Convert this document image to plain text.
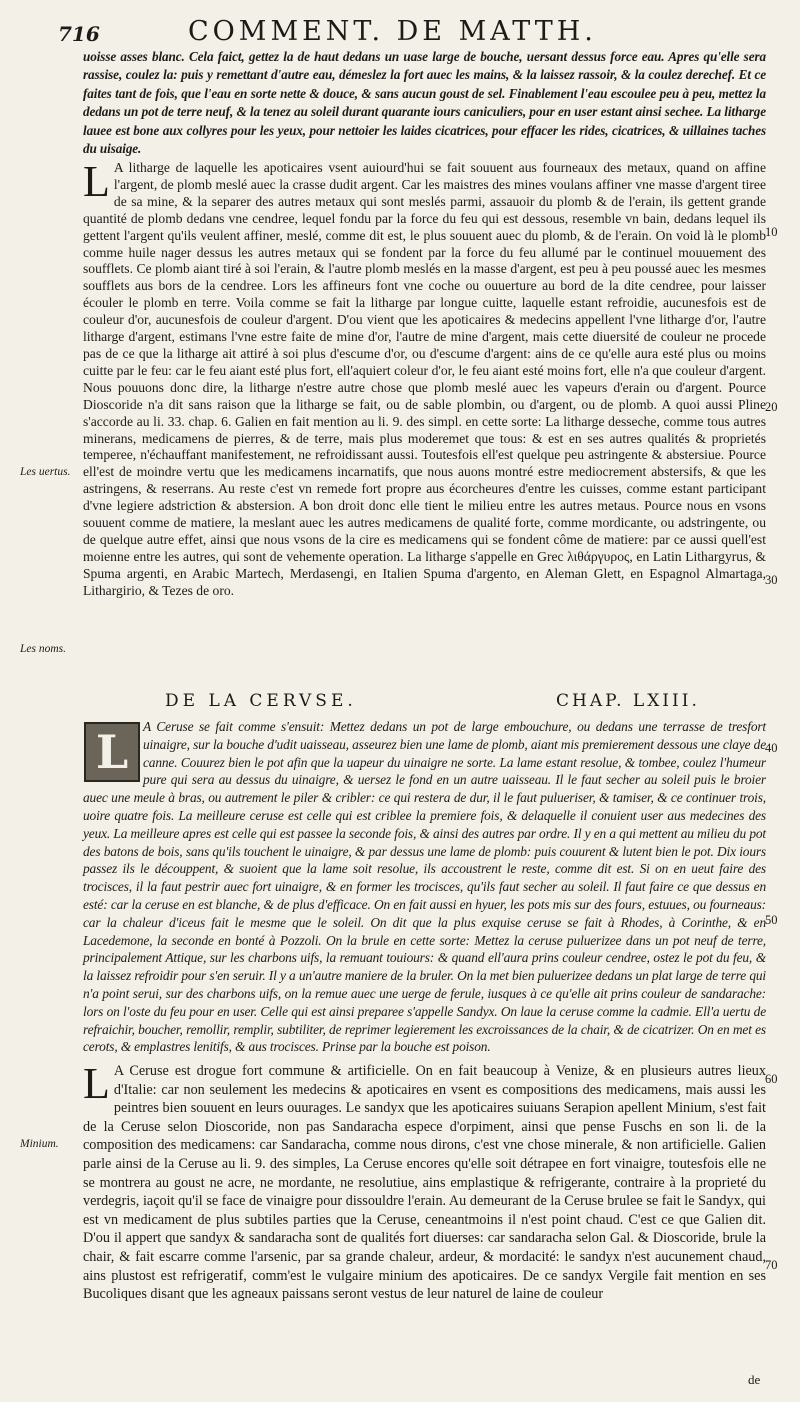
716	COMMENT. DE MATTH.

uoisse asses blanc. Cela faict, gettez la de haut dedans un uase large de bouche, uersant dessus force eau. Apres qu'elle sera rassise, coulez la: puis y remettant d'autre eau, démeslez la fort auec les mains, & la laissez rassoir, & la coulez derechef. Et ce faites tant de fois, que l'eau en sorte nette & douce, & sans aucun goust de sel. Finablement l'eau escoulee peu à peu, mettez la dedans un pot de terre neuf, & la tenez au soleil durant quarante iours caniculiers, pour en user estant ainsi sechee. La litharge lauee est bone aux collyres pour les yeux, pour nettoier les laides cicatrices, pour effacer les rides, cicatrices, & uillaines taches du uisaige.

L A litharge de laquelle les apoticaires vsent auiourd'hui se fait souuent aus fourneaux des metaux, quand on affine l'argent, de plomb meslé auec la crasse dudit argent. Car les maistres des mines voulans affiner vne masse d'argent tiree de sa mine, & la separer des autres metaux qui sont meslés parmi, assauoir du plomb & de l'erain, ils gettent grande quantité de plomb dedans vne cendree, lequel fondu par la force du feu qui est dessous, resemble vn bain, dedans lequel ils gettent l'argent qu'ils veulent affiner, meslé, comme dit est, le plus souuent auec du plomb, & de l'erain. On void là le plomb comme huile nager dessus les autres metaux qui se fondent par la force du feu allumé par le continuel mouuement des soufflets. Ce plomb aiant tiré à soi l'erain, & l'autre plomb meslés en la masse d'argent, est peu à peu poussé auec les mesmes soufflets aus bors de la cendree. Lors les affineurs font vne coche ou ouuerture au bord de la dite cendree, pour laisser écouler le plomb en terre. Voila comme se fait la litharge par longue cuitte, laquelle estant refroidie, aucunesfois est de couleur d'or, aucunesfois de couleur d'argent. D'ou vient que les apoticaires & medecins appellent l'vne litharge d'or, l'autre litharge d'argent, estimans l'vne estre faite de mine d'or, l'autre de mine d'argent, mais cette diuersité de couleur ne procede pas de ce que la litharge ait attiré à soi plus d'escume d'or, ou d'escume d'argent: ains de ce qu'elle aura esté plus ou moins cuitte par le feu: car le feu aiant esté plus fort, ell'aquiert coleur d'or, le feu aiant esté moins fort, elle n'a que couleur d'argent. Nous pouuons donc dire, la litharge n'estre autre chose que plomb meslé auec les vapeurs d'erain ou d'argent. Pource Dioscoride n'a dit sans raison que la litharge se fait, ou de sable plombin, ou d'argent, ou de plomb. A quoi aussi Pline s'accorde au li. 33. chap. 6. Galien en fait mention au li. 9. des simpl. en cette sorte: La litharge desseche, comme tous autres minerans, medicamens de pierres, & de terre, mais plus moderemet que tous: & est en ses autres qualités & proprietés temperee, n'échauffant manifestement, ne refroidissant aussi. Toutesfois ell'est quelque peu astringente & abstersiue. Pource ell'est de moindre vertu que les medicamens incarnatifs, que nous auons montré estre mediocrement abstersifs, & que les astringens, & reserrans. Au reste c'est vn remede fort propre aus écorcheures d'entre les cuisses, comme estant participant d'vne legiere adstriction & abstersion. A bon droit donc elle tient le milieu entre les autres metaus. Pource nous en vsons souuent comme de matiere, la meslant auec les autres medicamens de qualité forte, comme mordicante, ou adstringente, ou de quelque autre effet, ainsi que nous vsons de la cire es medicamens qui se fondent côme de matiere: par ce aussi quell'est moienne entre les autres, qui sont de vehemente operation. La litharge s'appelle en Grec λιθάργυρος, en Latin Lithargyrus, & Spuma argenti, en Arabic Martech, Merdasengi, en Italien Spuma d'argento, en Aleman Glett, en Espagnol Almartaga, Lithargirio, & Tezes de oro.

Les uertus.
Les noms.
Minium.
10
20
30
40
50
60
70
DE LA CERVSE.	CHAP. LXIII.
L	A Ceruse se fait comme s'ensuit: Mettez dedans un pot de large embouchure, ou dedans une terrasse de tresfort uinaigre, sur la bouche d'udit uaisseau, asseurez bien une lame de plomb, aiant mis premierement dessous une claye de canne. Couurez bien le pot afin que la uapeur du uinaigre ne sorte. La lame estant resolue, & tombee, coulez l'humeur pure qui sera au dessus du uinaigre, & uersez le fond en un autre uaisseau. Il le faut secher au soleil puis le broier auec une meule à bras, ou autrement le piler & cribler: ce qui restera de dur, il le faut pulueriser, & tamiser, & ce continuer trois, uoire quatre fois. La meilleure ceruse est celle qui est criblee la premiere fois, & delaquelle il conuient user aus medecines des yeux. La meilleure apres est celle qui est passee la seconde fois, & ainsi des autres par ordre. Il y en a qui mettent au milieu du pot des batons de bois, sans qu'ils touchent le uinaigre, & par dessus une lame de plomb: puis couurent & lutent bien le pot. Dix iours passez ils le découppent, & suoient que la lame soit resolue, ils accoustrent le reste, comme dit est. Si on en ueut faire des trocisces, il la faut pestrir auec fort uinaigre, & en former les trocisces, qu'ils faut secher au soleil. Il faut faire ce que dessus en esté: car la ceruse en est blanche, & de plus d'efficace. On en fait aussi en hyuer, les pots mis sur des fours, estuues, ou fourneaus: car la chaleur d'iceus fait le mesme que le soleil. On dit que la plus exquise ceruse se fait à Rhodes, à Corinthe, & en Lacedemone, la seconde en bonté à Pozzoli. On la brule en cette sorte: Mettez la ceruse puluerizee dans un pot neuf de terre, principalement Attique, sur les charbons uifs, la remuant touiours: & quand ell'aura prins couleur cendree, ostez le pot du feu, & la laissez refroidir pour s'en seruir. Il y a un'autre maniere de la bruler. On la met bien puluerizee dedans un plat large de terre qui n'a point serui, sur des charbons uifs, on la remue auec une uerge de ferule, iusques à ce qu'elle ait prins couleur de sandarache: lors on l'oste du feu pour en user. Celle qui est ainsi preparee s'appelle Sandyx. On laue la ceruse comme la cadmie. Ell'a uertu de refraichir, boucher, remollir, remplir, subtiliter, de reprimer legierement les excroissances de la chair, & de cicatrizer. On en met es cerots, & emplastres lenitifs, & aus trocisces. Prinse par la bouche est poison.

L A Ceruse est drogue fort commune & artificielle. On en fait beaucoup à Venize, & en plusieurs autres lieux d'Italie: car non seulement les medecins & apoticaires en vsent es compositions des medicamens, mais aussi les peintres bien souuent en leurs ouurages. Le sandyx que les apoticaires suiuans Serapion apellent Minium, s'est fait de la Ceruse selon Dioscoride, non pas Sandaracha espece d'orpiment, ainsi que pense Fuschs en son li. de la composition des medicamens: car Sandaracha, comme nous dirons, c'est vne chose minerale, & non artificielle. Galien parle ainsi de la Ceruse au li. 9. des simples, La Ceruse encores qu'elle soit détrapee en fort vinaigre, toutesfois elle ne se montrera au goust ne acre, ne mordante, ne resolutiue, ains emplastique & refrigerante, contraire à la proprieté du verdegris, iaçoit qu'il se face de vinaigre pour dissouldre l'erain. Au demeurant de la Ceruse brulee se fait le Sandyx, qui est vn medicament de plus subtiles parties que la Ceruse, ceneantmoins il n'est point chaud. C'est ce que Galien dit. D'ou il appert que sandyx & sandaracha sont de qualités fort diuerses: car sandaracha selon Gal. & Dioscoride, brule la chair, & fait escarre comme l'arsenic, par sa grande chaleur, ardeur, & mordacité: le sandyx n'est aucunement chaud, ains plustost est refrigeratif, comm'est le vulgaire minium des apoticaires. De ce sandyx Vergile fait mention en ses Bucoliques disant que les agneaux paissans seront vestus de leur naturel de laine de couleur

de
